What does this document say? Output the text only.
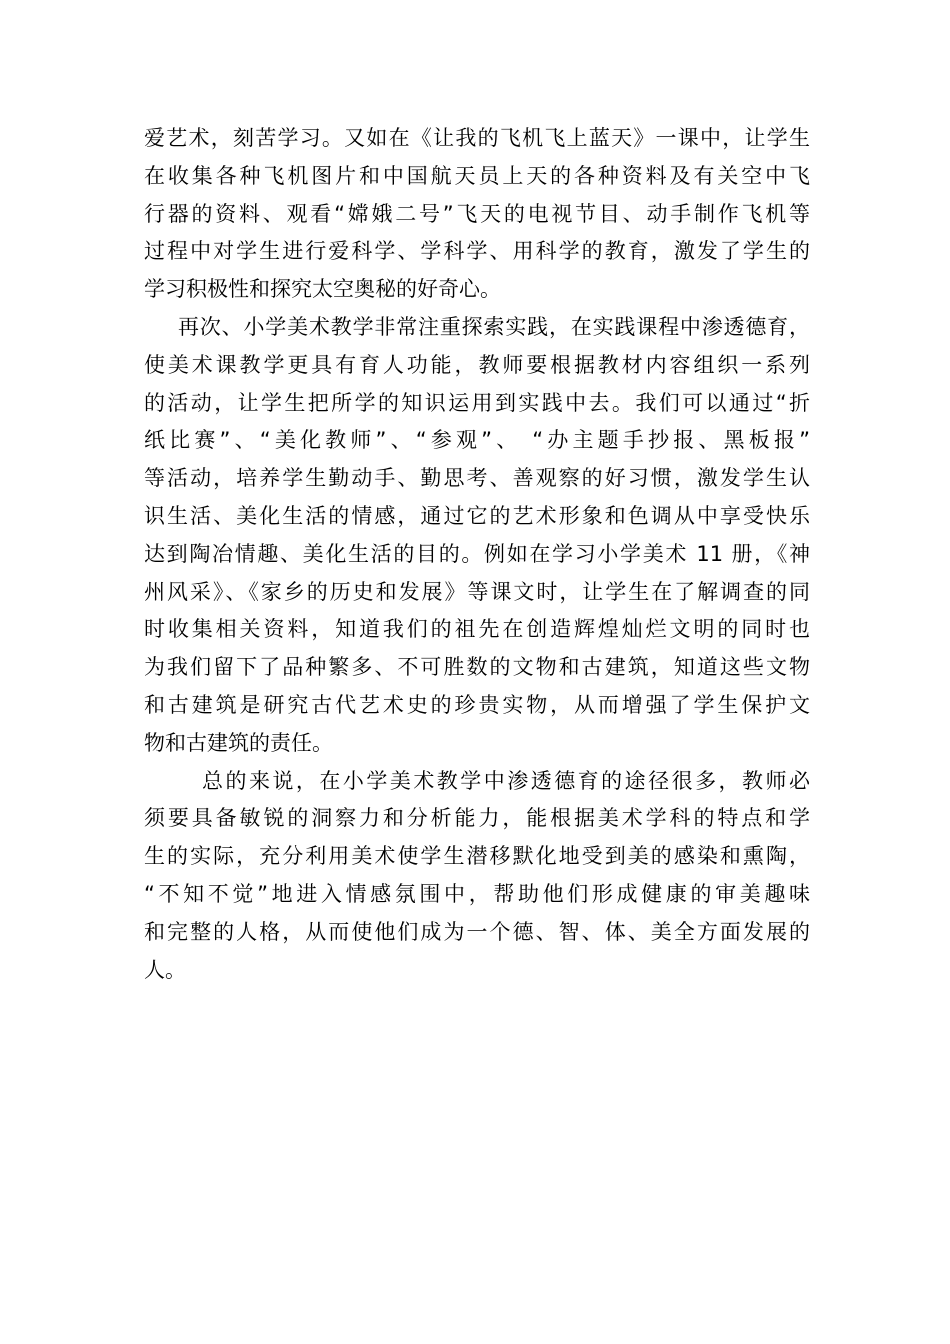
爱艺术，刻苦学习。又如在《让我的飞机飞上蓝天》一课中，让学生
在收集各种飞机图片和中国航天员上天的各种资料及有关空中飞
行器的资料、观看“嫦娥二号”飞天的电视节目、动手制作飞机等
过程中对学生进行爱科学、学科学、用科学的教育，激发了学生的
学习积极性和探究太空奥秘的好奇心。
再次、小学美术教学非常注重探索实践，在实践课程中渗透德育，
使美术课教学更具有育人功能，教师要根据教材内容组织一系列
的活动，让学生把所学的知识运用到实践中去。我们可以通过“折
纸比赛”、“美化教师”、“参观”、 “办主题手抄报、黑板报”
等活动，培养学生勤动手、勤思考、善观察的好习惯，激发学生认
识生活、美化生活的情感，通过它的艺术形象和色调从中享受快乐
达到陶冶情趣、美化生活的目的。例如在学习小学美术 11 册，《神
州风采》、《家乡的历史和发展》等课文时，让学生在了解调查的同
时收集相关资料，知道我们的祖先在创造辉煌灿烂文明的同时也
为我们留下了品种繁多、不可胜数的文物和古建筑，知道这些文物
和古建筑是研究古代艺术史的珍贵实物，从而增强了学生保护文
物和古建筑的责任。
总的来说，在小学美术教学中渗透德育的途径很多，教师必
须要具备敏锐的洞察力和分析能力，能根据美术学科的特点和学
生的实际，充分利用美术使学生潜移默化地受到美的感染和熏陶，
“不知不觉”地进入情感氛围中，帮助他们形成健康的审美趣味
和完整的人格，从而使他们成为一个德、智、体、美全方面发展的
人。
